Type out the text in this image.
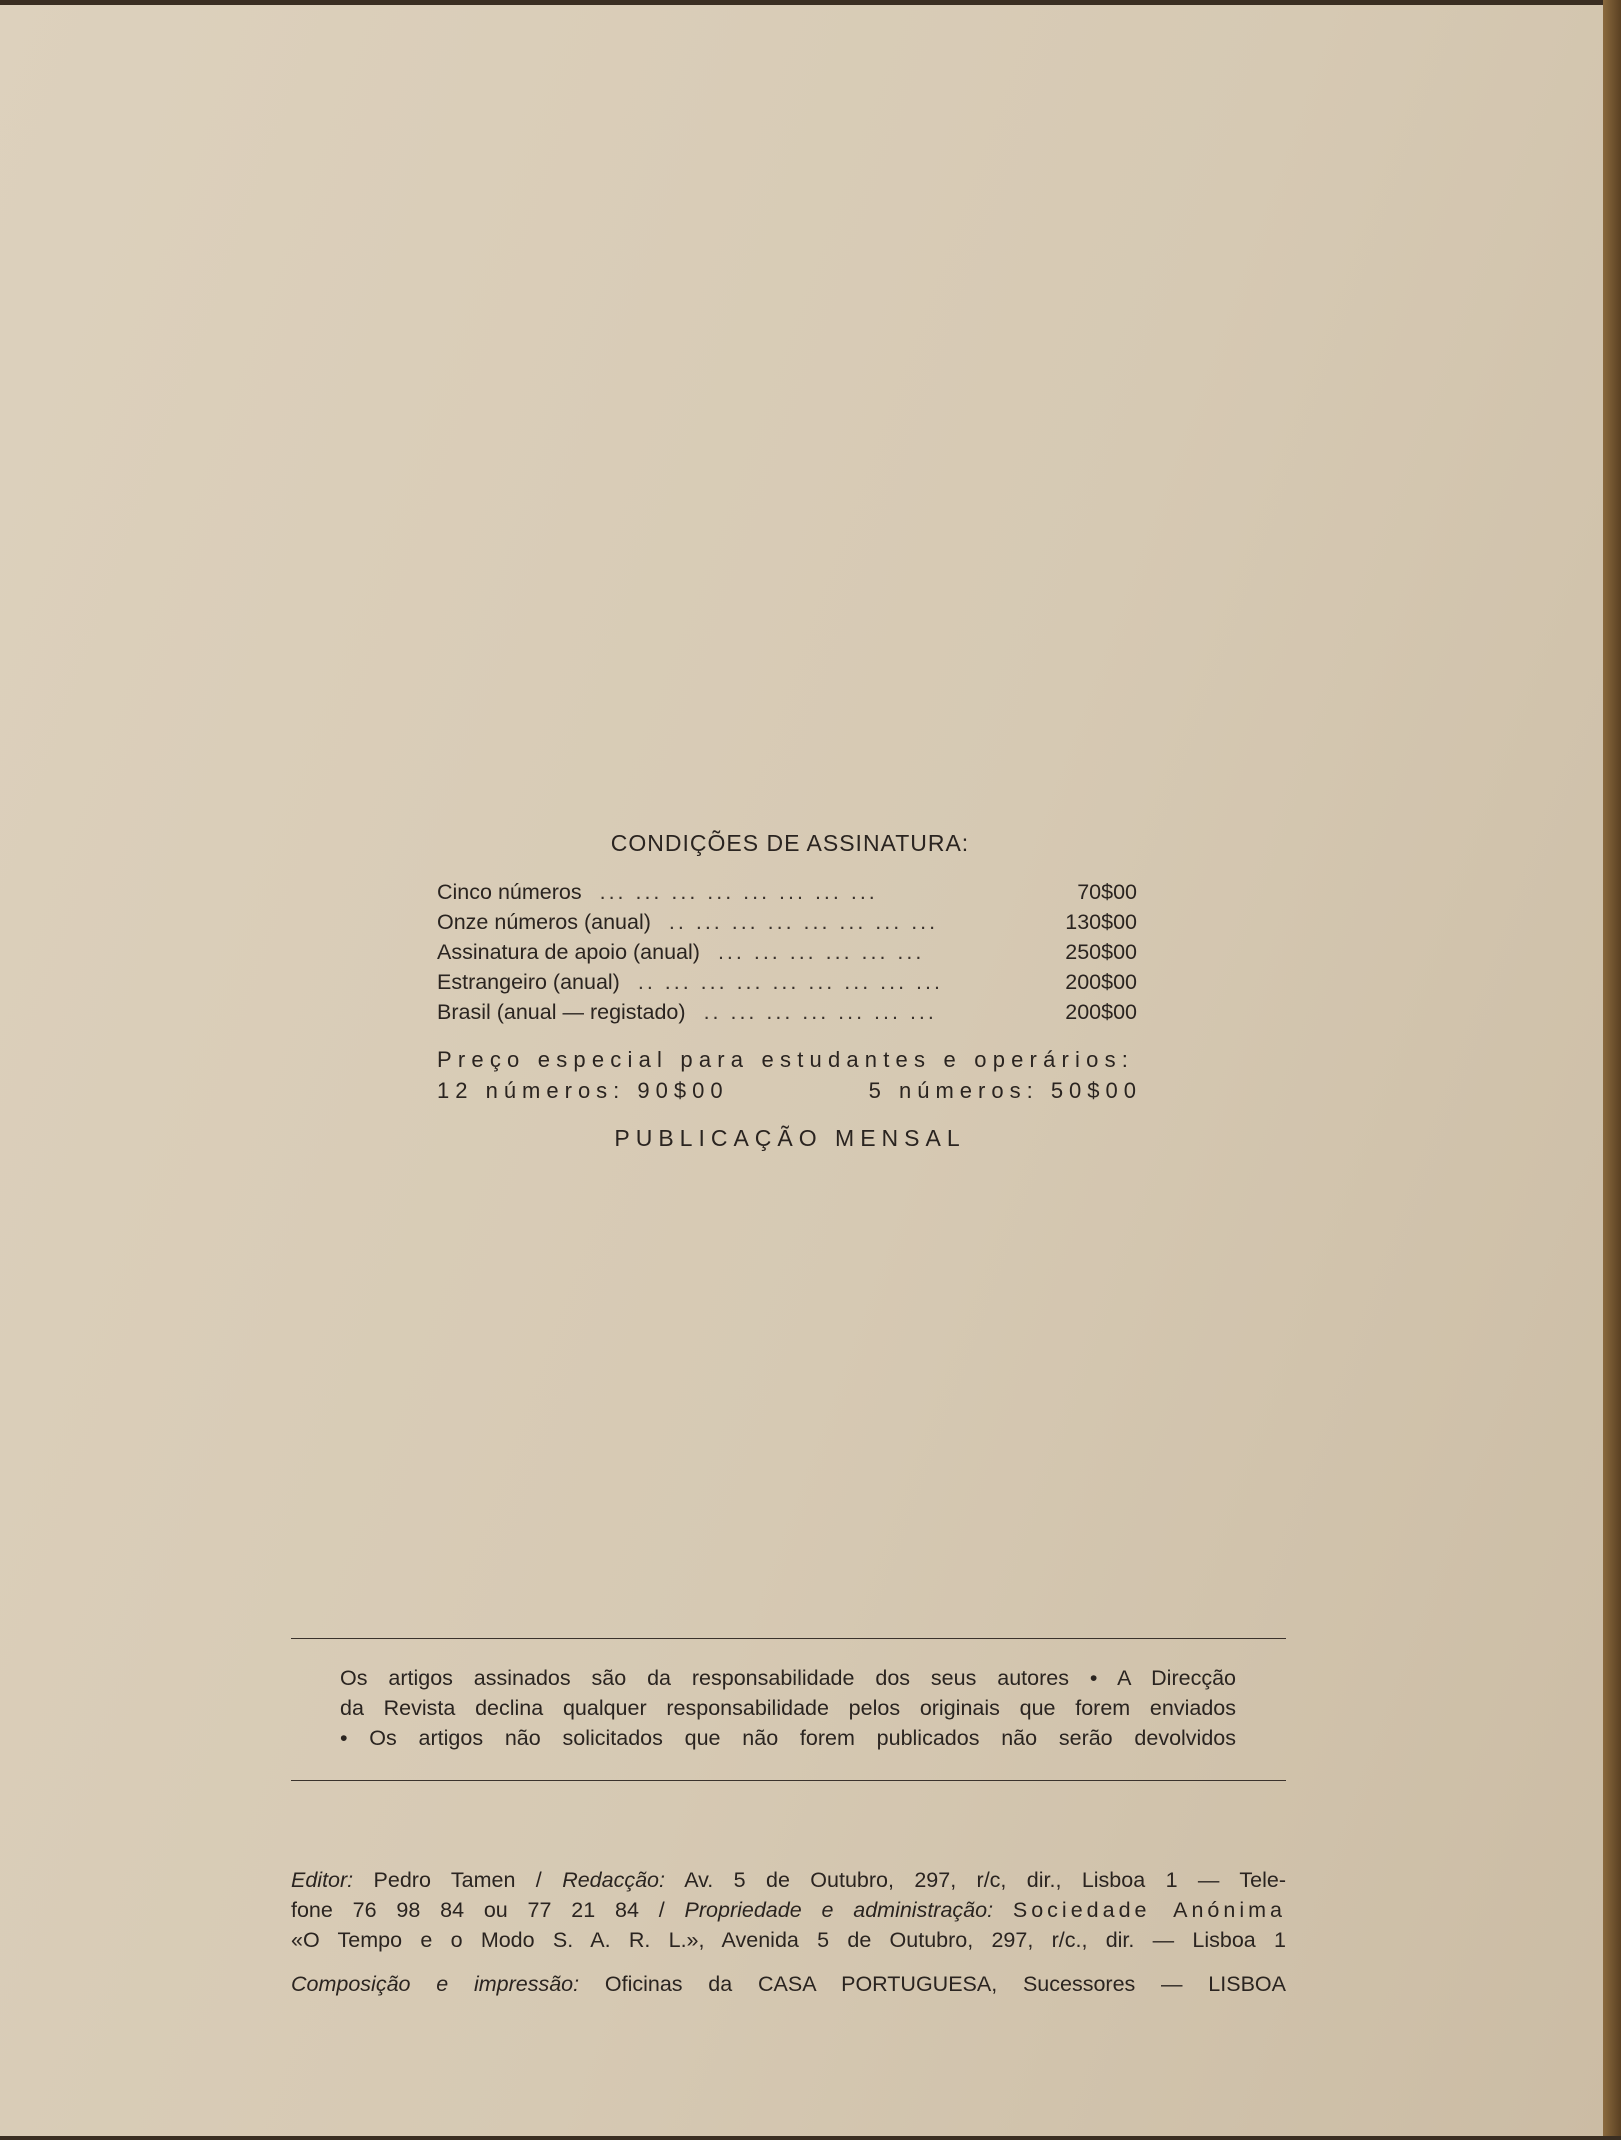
CONDIÇÕES DE ASSINATURA:
Cinco números ... ... ... ... ... ... ... ...	70$00
Onze números (anual) .. ... ... ... ... ... ... ...	130$00
Assinatura de apoio (anual) ... ... ... ... ... ...	250$00
Estrangeiro (anual) .. ... ... ... ... ... ... ... ...	200$00
Brasil (anual — registado) .. ... ... ... ... ... ...	200$00
Preço especial para estudantes e operários:
12 números: 90$00	5 números: 50$00
PUBLICAÇÃO MENSAL
Os artigos assinados são da responsabilidade dos seus autores • A Direcção
da Revista declina qualquer responsabilidade pelos originais que forem enviados
• Os artigos não solicitados que não forem publicados não serão devolvidos
Editor: Pedro Tamen / Redacção: Av. 5 de Outubro, 297, r/c, dir., Lisboa 1 — Tele-
fone 76 98 84 ou 77 21 84 / Propriedade e administração: Sociedade Anónima
«O Tempo e o Modo S. A. R. L.», Avenida 5 de Outubro, 297, r/c., dir. — Lisboa 1
Composição e impressão: Oficinas da CASA PORTUGUESA, Sucessores — LISBOA
